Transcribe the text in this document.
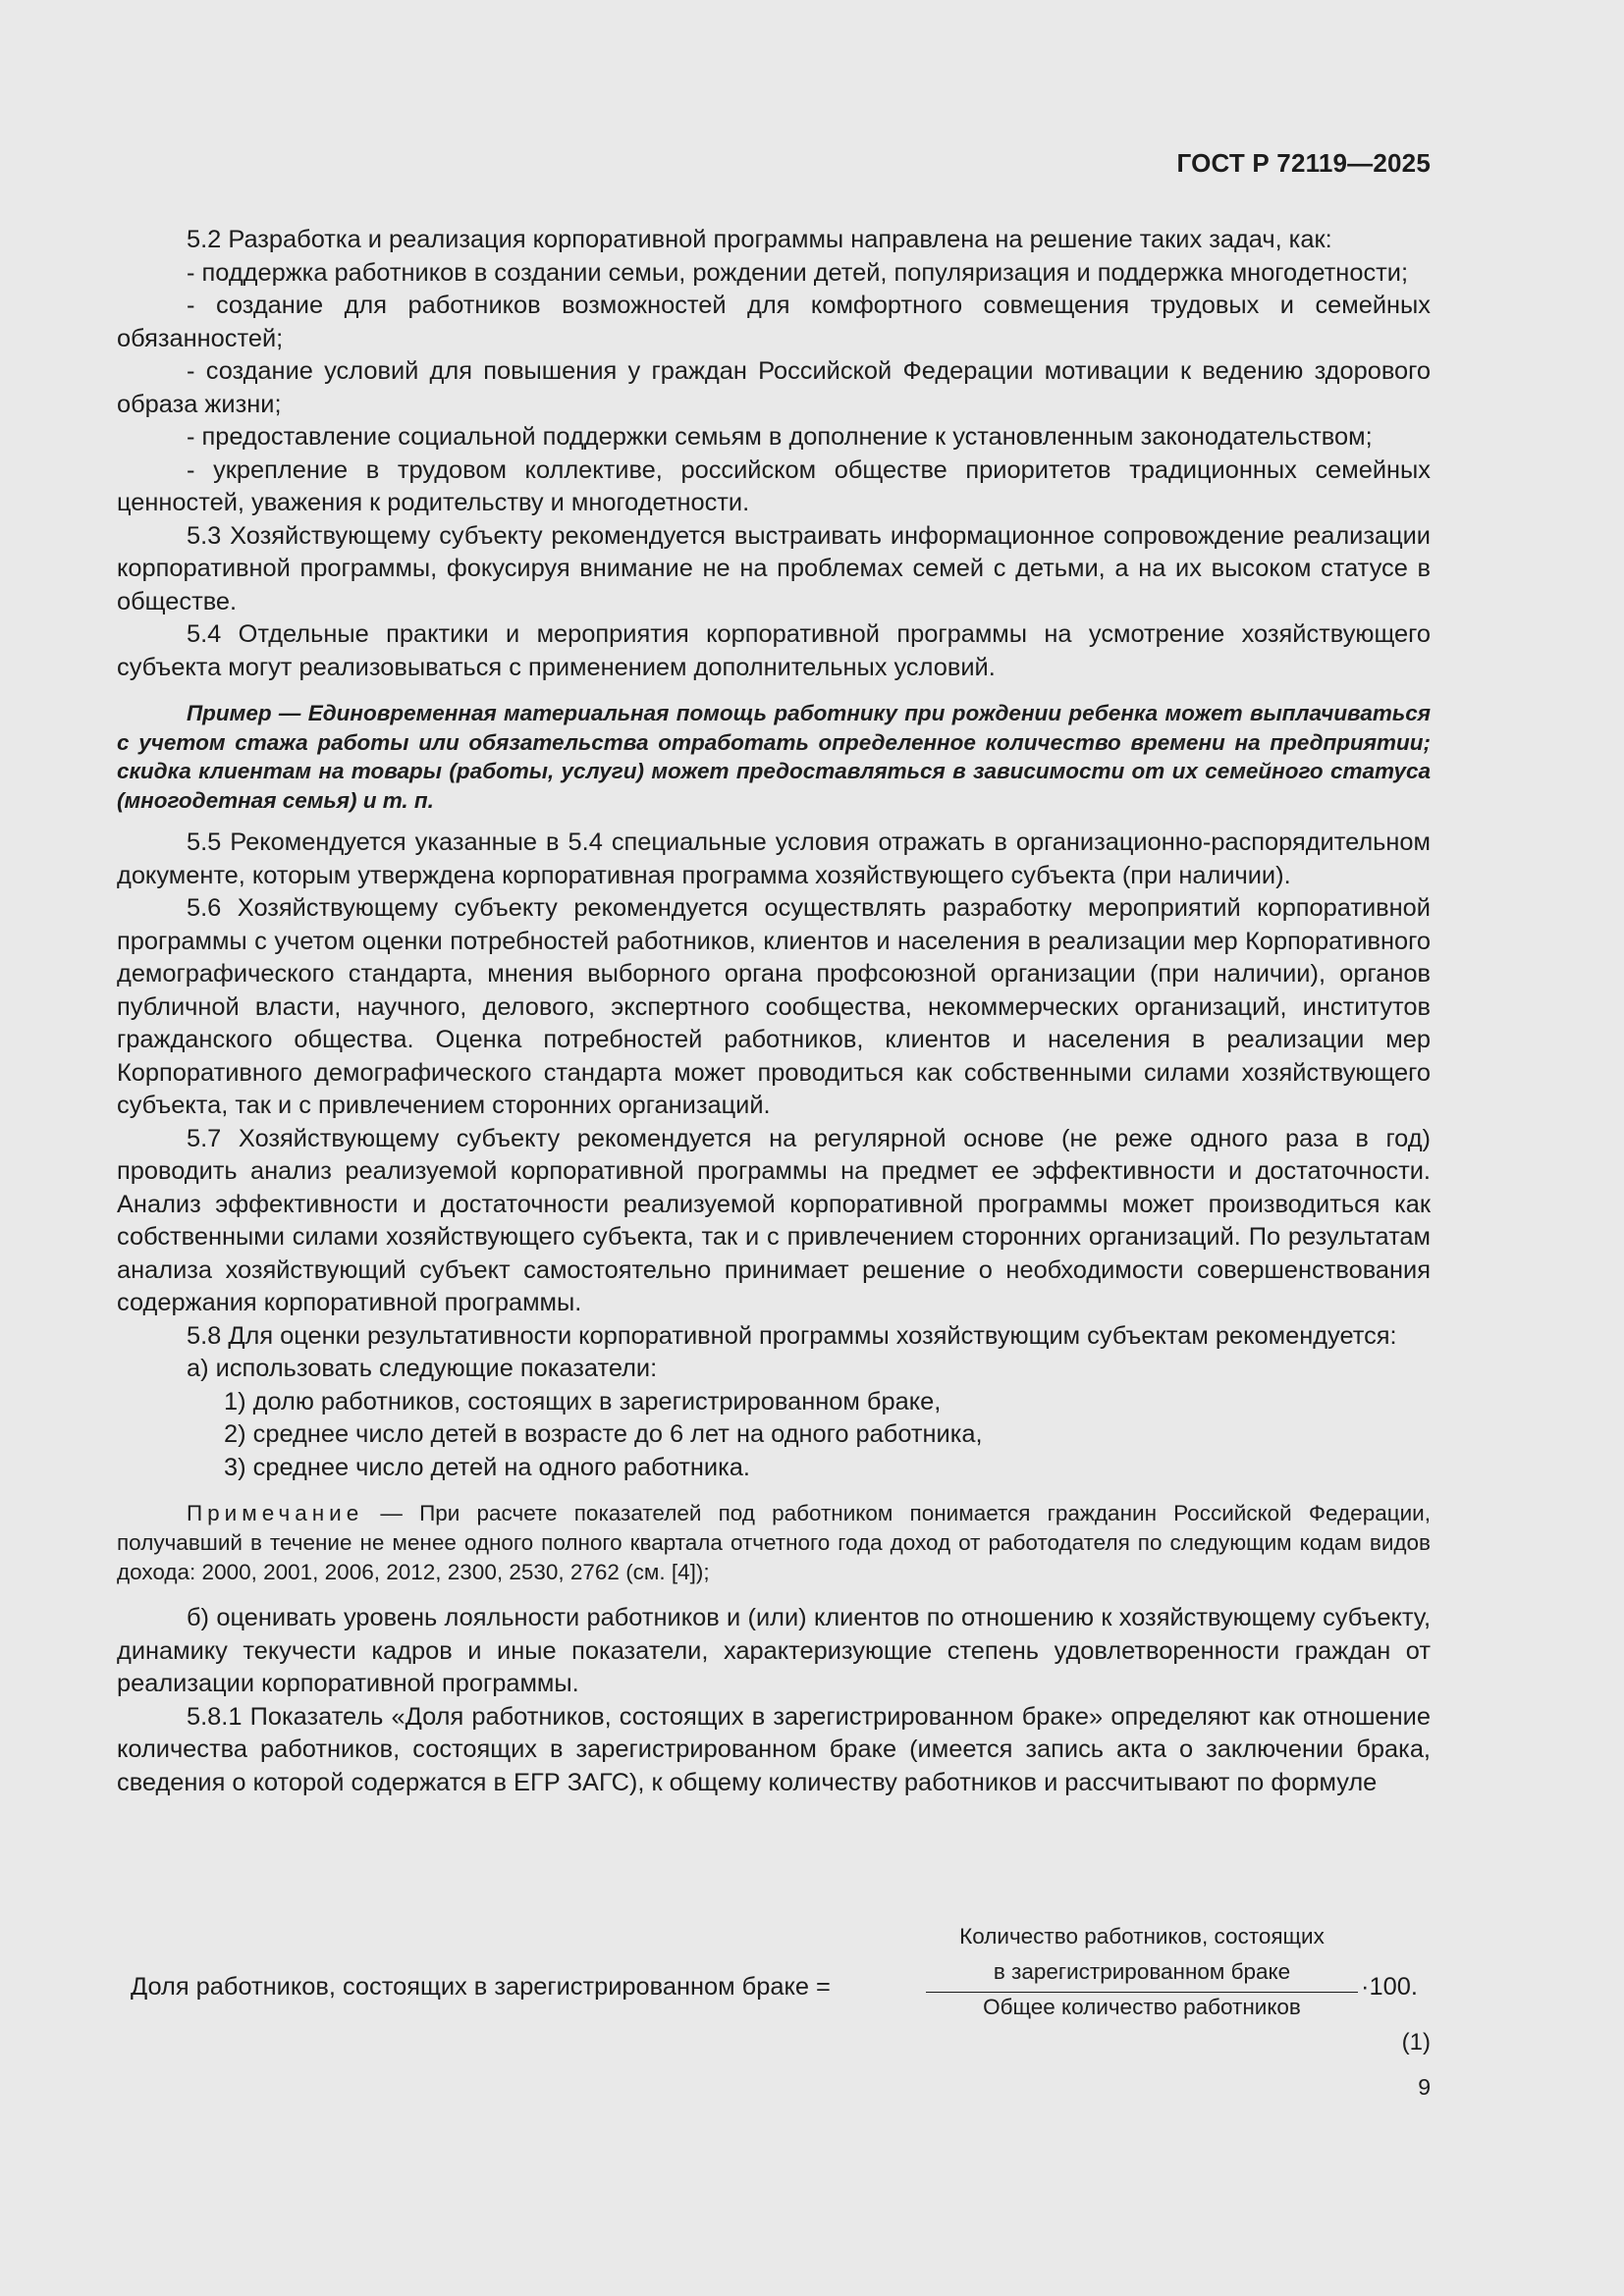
ГОСТ Р 72119—2025

5.2 Разработка и реализация корпоративной программы направлена на решение таких задач, как:

- поддержка работников в создании семьи, рождении детей, популяризация и поддержка многодетности;

- создание для работников возможностей для комфортного совмещения трудовых и семейных обязанностей;

- создание условий для повышения у граждан Российской Федерации мотивации к ведению здорового образа жизни;

- предоставление социальной поддержки семьям в дополнение к установленным законодательством;

- укрепление в трудовом коллективе, российском обществе приоритетов традиционных семейных ценностей, уважения к родительству и многодетности.

5.3 Хозяйствующему субъекту рекомендуется выстраивать информационное сопровождение реализации корпоративной программы, фокусируя внимание не на проблемах семей с детьми, а на их высоком статусе в обществе.

5.4 Отдельные практики и мероприятия корпоративной программы на усмотрение хозяйствующего субъекта могут реализовываться с применением дополнительных условий.

Пример — Единовременная материальная помощь работнику при рождении ребенка может выплачиваться с учетом стажа работы или обязательства отработать определенное количество времени на предприятии; скидка клиентам на товары (работы, услуги) может предоставляться в зависимости от их семейного статуса (многодетная семья) и т. п.

5.5 Рекомендуется указанные в 5.4 специальные условия отражать в организационно-распорядительном документе, которым утверждена корпоративная программа хозяйствующего субъекта (при наличии).

5.6 Хозяйствующему субъекту рекомендуется осуществлять разработку мероприятий корпоративной программы с учетом оценки потребностей работников, клиентов и населения в реализации мер Корпоративного демографического стандарта, мнения выборного органа профсоюзной организации (при наличии), органов публичной власти, научного, делового, экспертного сообщества, некоммерческих организаций, институтов гражданского общества. Оценка потребностей работников, клиентов и населения в реализации мер Корпоративного демографического стандарта может проводиться как собственными силами хозяйствующего субъекта, так и с привлечением сторонних организаций.

5.7 Хозяйствующему субъекту рекомендуется на регулярной основе (не реже одного раза в год) проводить анализ реализуемой корпоративной программы на предмет ее эффективности и достаточности. Анализ эффективности и достаточности реализуемой корпоративной программы может производиться как собственными силами хозяйствующего субъекта, так и с привлечением сторонних организаций. По результатам анализа хозяйствующий субъект самостоятельно принимает решение о необходимости совершенствования содержания корпоративной программы.

5.8 Для оценки результативности корпоративной программы хозяйствующим субъектам рекомендуется:

а) использовать следующие показатели:

1) долю работников, состоящих в зарегистрированном браке,

2) среднее число детей в возрасте до 6 лет на одного работника,

3) среднее число детей на одного работника.

Примечание — При расчете показателей под работником понимается гражданин Российской Федерации, получавший в течение не менее одного полного квартала отчетного года доход от работодателя по следующим кодам видов дохода: 2000, 2001, 2006, 2012, 2300, 2530, 2762 (см. [4]);

б) оценивать уровень лояльности работников и (или) клиентов по отношению к хозяйствующему субъекту, динамику текучести кадров и иные показатели, характеризующие степень удовлетворенности граждан от реализации корпоративной программы.

5.8.1 Показатель «Доля работников, состоящих в зарегистрированном браке» определяют как отношение количества работников, состоящих в зарегистрированном браке (имеется запись акта о заключении брака, сведения о которой содержатся в ЕГР ЗАГС), к общему количеству работников и рассчитывают по формуле

Доля работников, состоящих в зарегистрированном браке =
Количество работников, состоящих
в зарегистрированном браке
Общее количество работников
·100.
(1)
9
